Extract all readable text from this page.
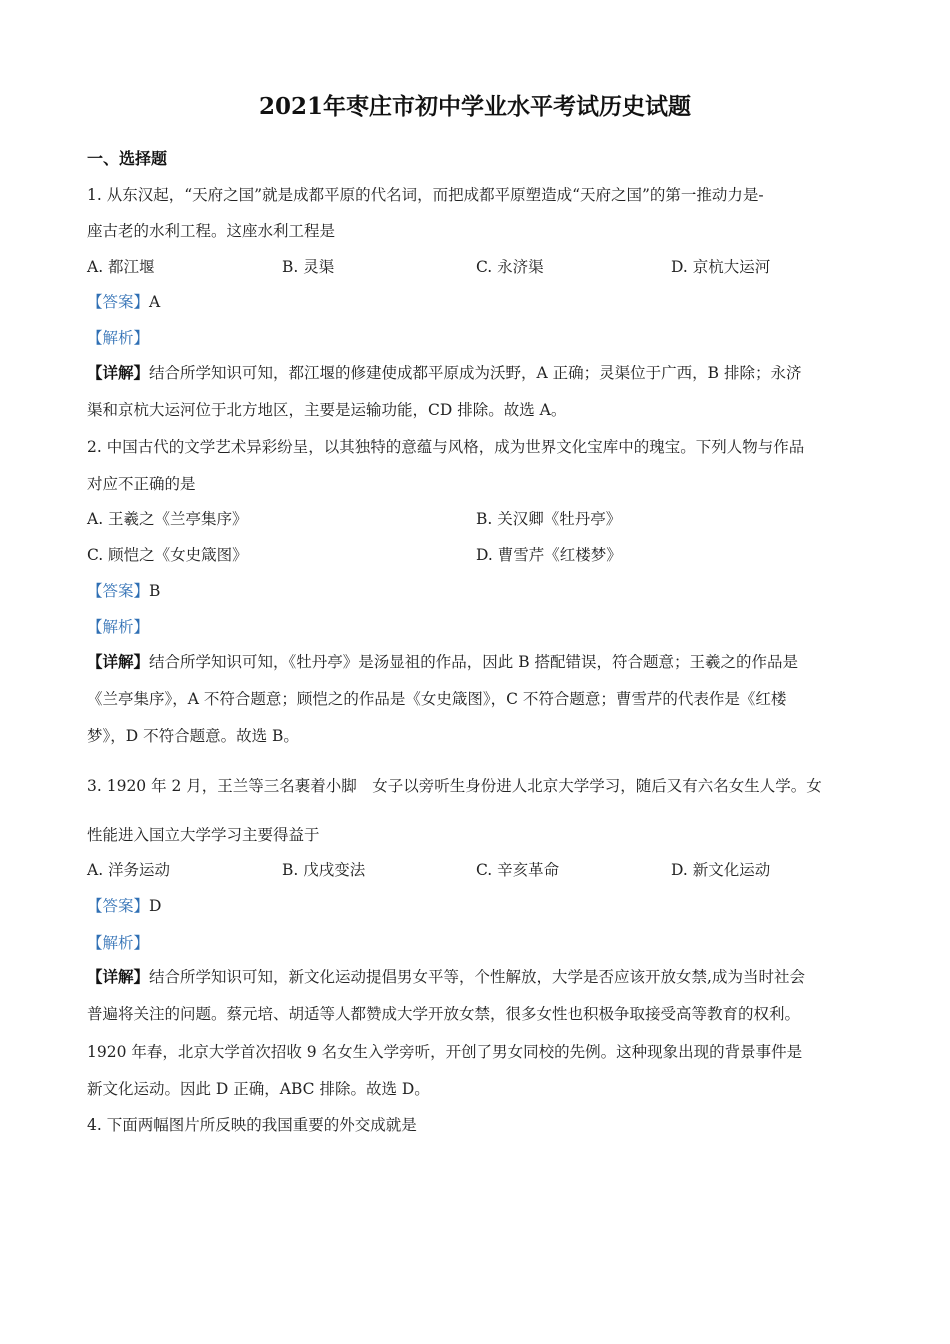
2021年枣庄市初中学业水平考试历史试题
一、选择题
1. 从东汉起，“天府之国”就是成都平原的代名词，而把成都平原塑造成“天府之国”的第一推动力是-
座古老的水利工程。这座水利工程是
A. 都江堰	B. 灵渠	C. 永济渠	D. 京杭大运河
【答案】A
【解析】
【详解】结合所学知识可知，都江堰的修建使成都平原成为沃野，A 正确；灵渠位于广西，B 排除；永济
渠和京杭大运河位于北方地区，主要是运输功能，CD 排除。故选 A。
2. 中国古代的文学艺术异彩纷呈，以其独特的意蕴与风格，成为世界文化宝库中的瑰宝。下列人物与作品
对应不正确的是
A. 王羲之《兰亭集序》	B. 关汉卿《牡丹亭》
C. 顾恺之《女史箴图》	D. 曹雪芹《红楼梦》
【答案】B
【解析】
【详解】结合所学知识可知，《牡丹亭》是汤显祖的作品，因此 B 搭配错误，符合题意；王羲之的作品是
《兰亭集序》，A 不符合题意；顾恺之的作品是《女史箴图》，C 不符合题意；曹雪芹的代表作是《红楼
梦》，D 不符合题意。故选 B。
3. 1920 年 2 月，王兰等三名裹着小脚　女子以旁听生身份进人北京大学学习，随后又有六名女生人学。女
性能进入国立大学学习主要得益于
A. 洋务运动	B. 戊戌变法	C. 辛亥革命	D. 新文化运动
【答案】D
【解析】
【详解】结合所学知识可知，新文化运动提倡男女平等，个性解放，大学是否应该开放女禁,成为当时社会
普遍将关注的问题。蔡元培、胡适等人都赞成大学开放女禁，很多女性也积极争取接受高等教育的权利。
1920 年春，北京大学首次招收 9 名女生入学旁听，开创了男女同校的先例。这种现象出现的背景事件是
新文化运动。因此 D 正确，ABC 排除。故选 D。
4. 下面两幅图片所反映的我国重要的外交成就是
